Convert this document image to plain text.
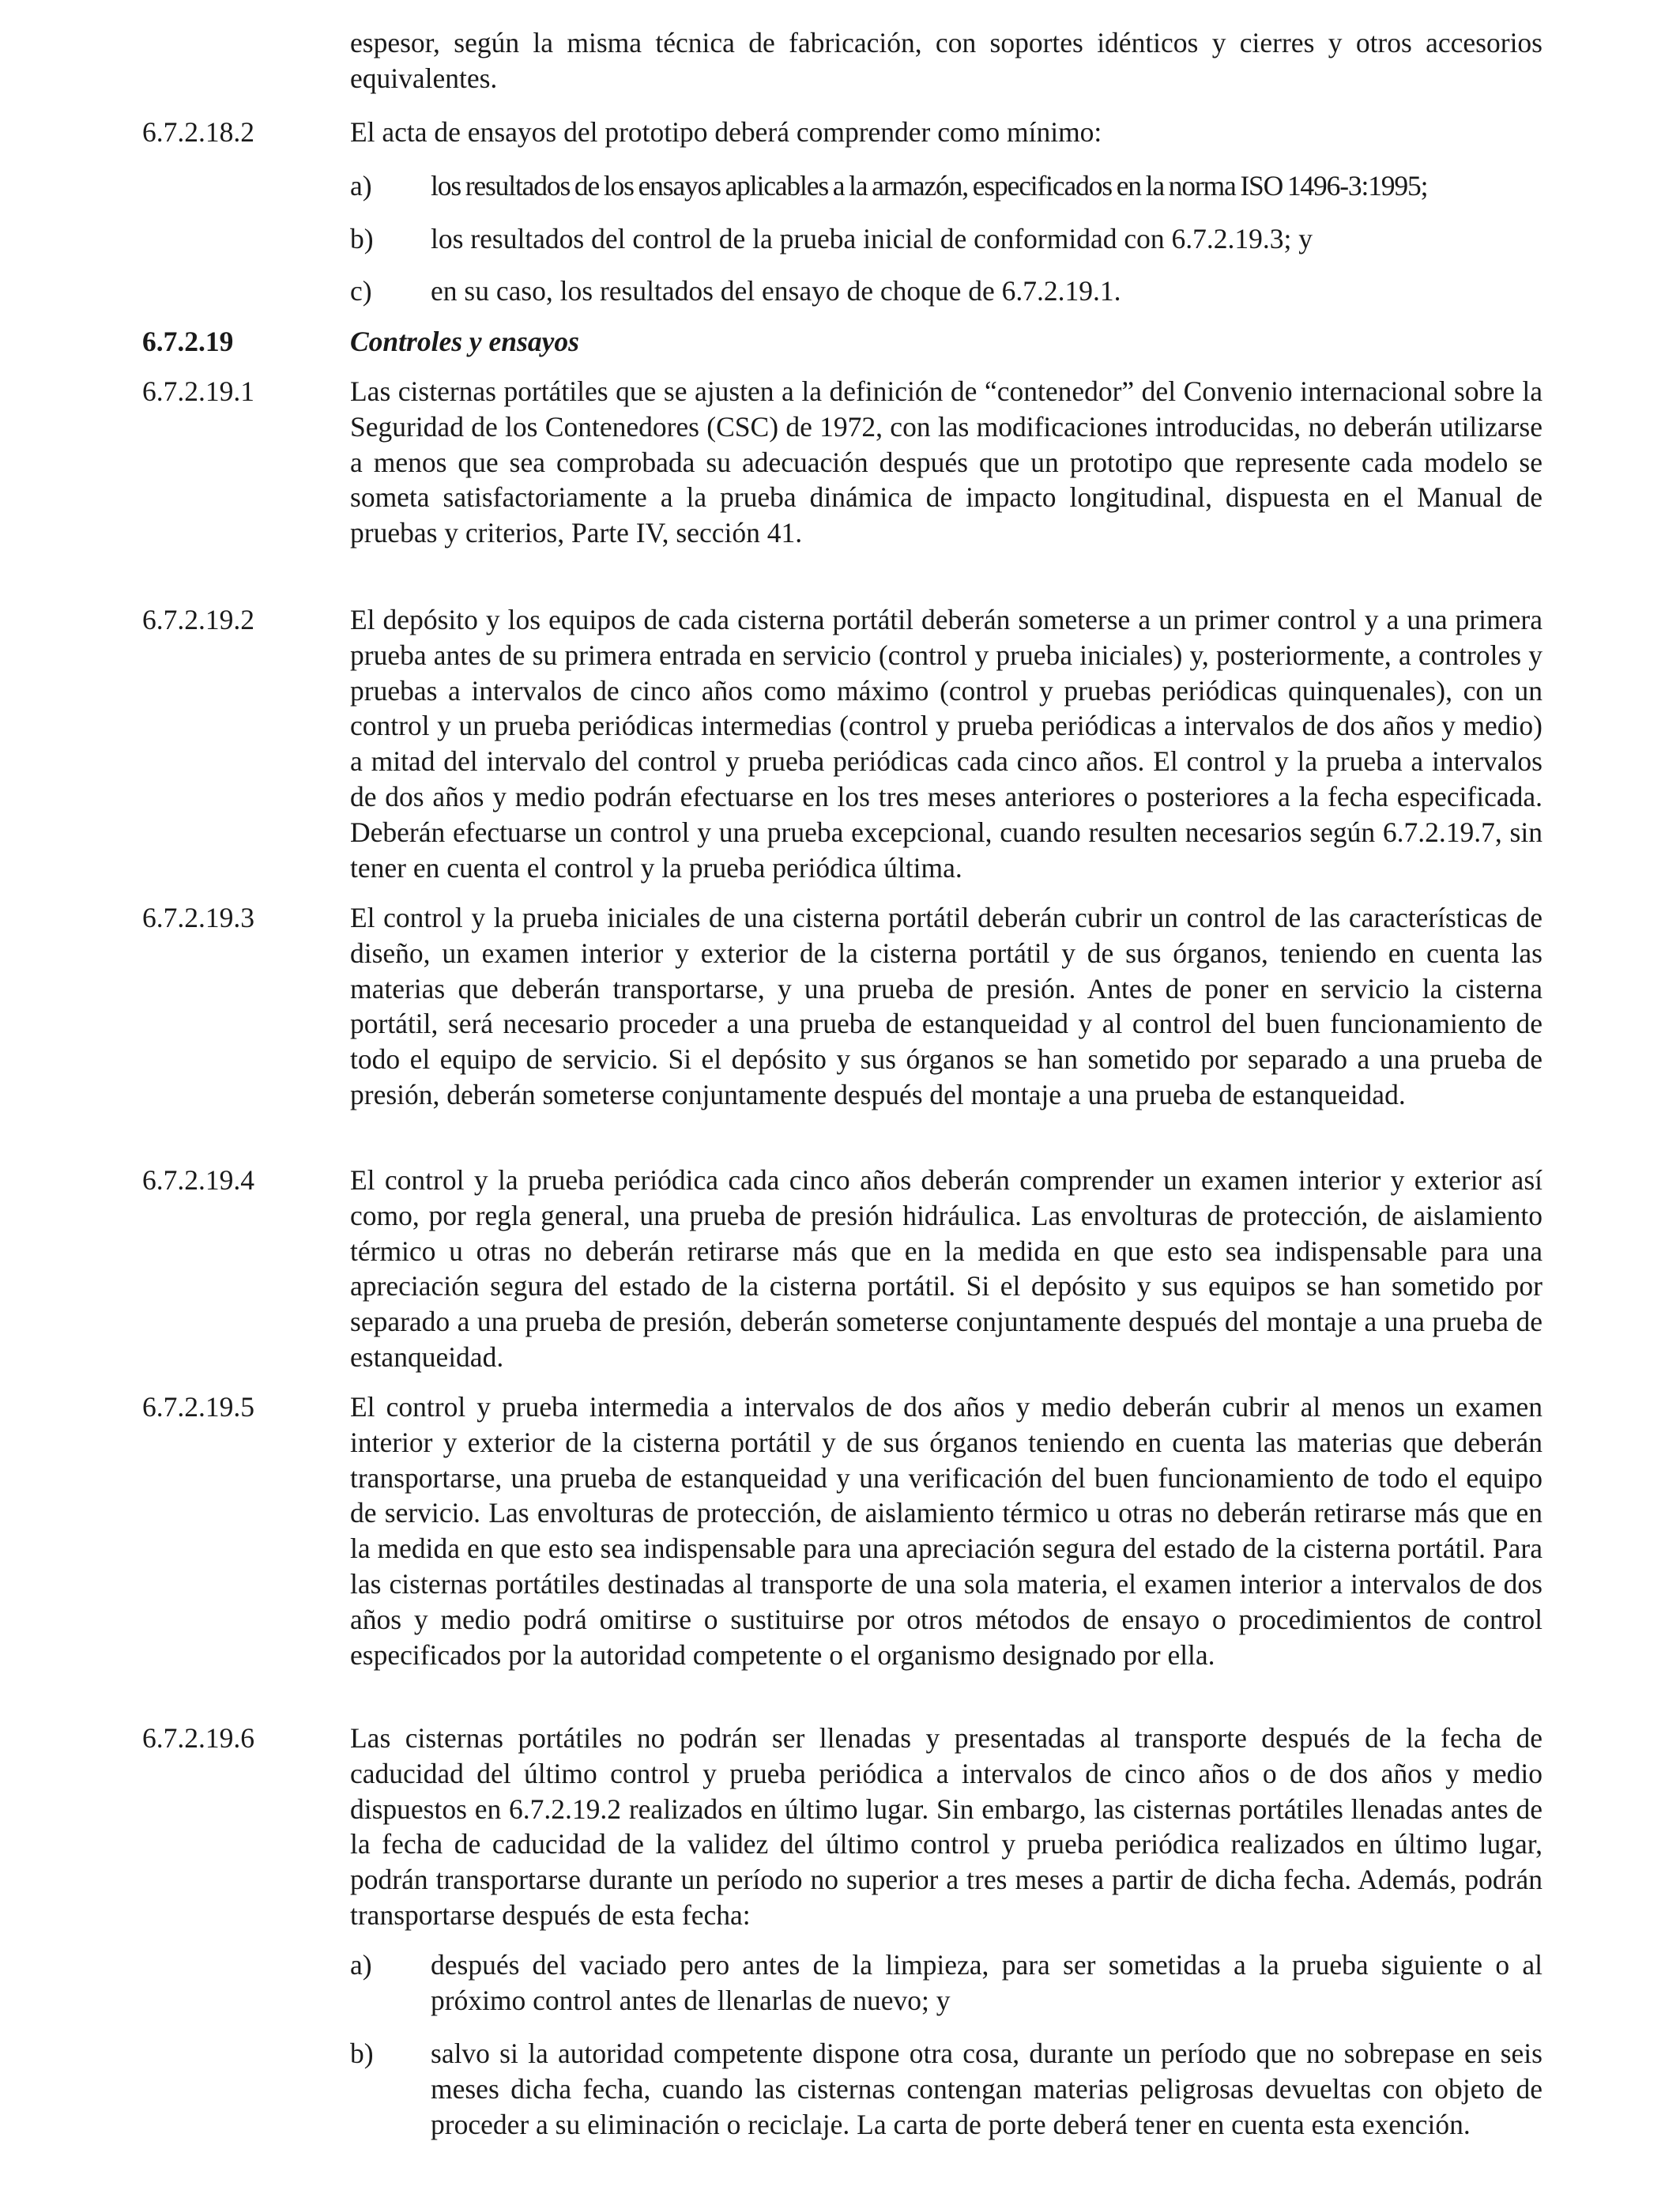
espesor, según la misma técnica de fabricación, con soportes idénticos y cierres y otros accesorios equivalentes.

6.7.2.18.2	El acta de ensayos del prototipo deberá comprender como mínimo:

a)	los resultados de los ensayos aplicables a la armazón, especificados en la norma ISO 1496-3:1995;
b)	los resultados del control de la prueba inicial de conformidad con 6.7.2.19.3; y
c)	en su caso, los resultados del ensayo de choque de 6.7.2.19.1.
6.7.2.19	Controles y ensayos

6.7.2.19.1	Las cisternas portátiles que se ajusten a la definición de “contenedor” del Convenio internacional sobre la Seguridad de los Contenedores (CSC) de 1972, con las modificaciones introducidas, no deberán utilizarse a menos que sea comprobada su adecuación después que un prototipo que represente cada modelo se someta satisfactoriamente a la prueba dinámica de impacto longitudinal, dispuesta en el Manual de pruebas y criterios, Parte IV, sección 41.

6.7.2.19.2	El depósito y los equipos de cada cisterna portátil deberán someterse a un primer control y a una primera prueba antes de su primera entrada en servicio (control y prueba iniciales) y, posteriormente, a controles y pruebas a intervalos de cinco años como máximo (control y pruebas periódicas quinquenales), con un control y un prueba periódicas intermedias (control y prueba periódicas a intervalos de dos años y medio) a mitad del intervalo del control y prueba periódicas cada cinco años. El control y la prueba a intervalos de dos años y medio podrán efectuarse en los tres meses anteriores o posteriores a la fecha especificada. Deberán efectuarse un control y una prueba excepcional, cuando resulten necesarios según 6.7.2.19.7, sin tener en cuenta el control y la prueba periódica última.

6.7.2.19.3	El control y la prueba iniciales de una cisterna portátil deberán cubrir un control de las características de diseño, un examen interior y exterior de la cisterna portátil y de sus órganos, teniendo en cuenta las materias que deberán transportarse, y una prueba de presión. Antes de poner en servicio la cisterna portátil, será necesario proceder a una prueba de estanqueidad y al control del buen funcionamiento de todo el equipo de servicio. Si el depósito y sus órganos se han sometido por separado a una prueba de presión, deberán someterse conjuntamente después del montaje a una prueba de estanqueidad.

6.7.2.19.4	El control y la prueba periódica cada cinco años deberán comprender un examen interior y exterior así como, por regla general, una prueba de presión hidráulica. Las envolturas de protección, de aislamiento térmico u otras no deberán retirarse más que en la medida en que esto sea indispensable para una apreciación segura del estado de la cisterna portátil. Si el depósito y sus equipos se han sometido por separado a una prueba de presión, deberán someterse conjuntamente después del montaje a una prueba de estanqueidad.

6.7.2.19.5	El control y prueba intermedia a intervalos de dos años y medio deberán cubrir al menos un examen interior y exterior de la cisterna portátil y de sus órganos teniendo en cuenta las materias que deberán transportarse, una prueba de estanqueidad y una verificación del buen funcionamiento de todo el equipo de servicio. Las envolturas de protección, de aislamiento térmico u otras no deberán retirarse más que en la medida en que esto sea indispensable para una apreciación segura del estado de la cisterna portátil. Para las cisternas portátiles destinadas al transporte de una sola materia, el examen interior a intervalos de dos años y medio podrá omitirse o sustituirse por otros métodos de ensayo o procedimientos de control especificados por la autoridad competente o el organismo designado por ella.

6.7.2.19.6	Las cisternas portátiles no podrán ser llenadas y presentadas al transporte después de la fecha de caducidad del último control y prueba periódica a intervalos de cinco años o de dos años y medio dispuestos en 6.7.2.19.2 realizados en último lugar. Sin embargo, las cisternas portátiles llenadas antes de la fecha de caducidad de la validez del último control y prueba periódica realizados en último lugar, podrán transportarse durante un período no superior a tres meses a partir de dicha fecha. Además, podrán transportarse después de esta fecha:

a)	después del vaciado pero antes de la limpieza, para ser sometidas a la prueba siguiente o al próximo control antes de llenarlas de nuevo; y
b)	salvo si la autoridad competente dispone otra cosa, durante un período que no sobrepase en seis meses dicha fecha, cuando las cisternas contengan materias peligrosas devueltas con objeto de proceder a su eliminación o reciclaje. La carta de porte deberá tener en cuenta esta exención.
